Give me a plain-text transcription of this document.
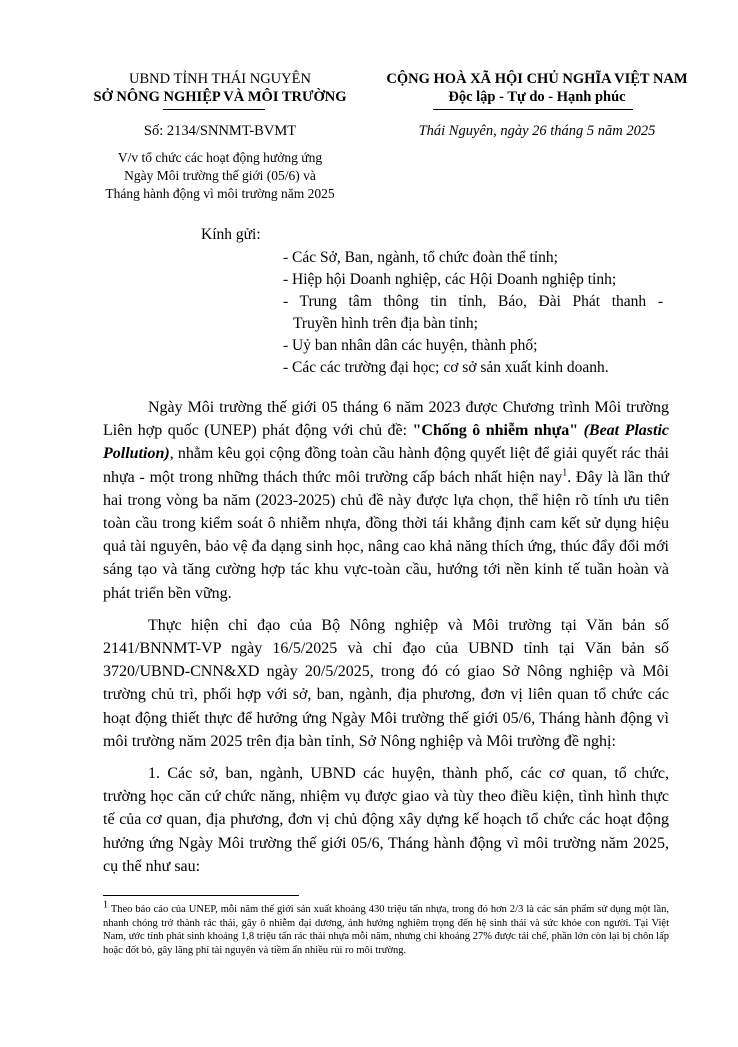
UBND TỈNH THÁI NGUYÊN
SỞ NÔNG NGHIỆP VÀ MÔI TRƯỜNG
CỘNG HOÀ XÃ HỘI CHỦ NGHĨA VIỆT NAM
Độc lập - Tự do - Hạnh phúc
Số: 2134/SNNMT-BVMT	Thái Nguyên, ngày 26 tháng 5 năm 2025
V/v tổ chức các hoạt động hưởng ứng
Ngày Môi trường thế giới (05/6) và
Tháng hành động vì môi trường năm 2025
Kính gửi:
- Các Sở, Ban, ngành, tổ chức đoàn thể tỉnh;
- Hiệp hội Doanh nghiệp, các Hội Doanh nghiệp tỉnh;
- Trung tâm thông tin tỉnh, Báo, Đài Phát thanh -
Truyền hình trên địa bàn tỉnh;
- Uỷ ban nhân dân các huyện, thành phố;
- Các các trường đại học; cơ sở sản xuất kinh doanh.

Ngày Môi trường thế giới 05 tháng 6 năm 2023 được Chương trình Môi trường Liên hợp quốc (UNEP) phát động với chủ đề: "Chống ô nhiễm nhựa" (Beat Plastic Pollution), nhằm kêu gọi cộng đồng toàn cầu hành động quyết liệt để giải quyết rác thải nhựa - một trong những thách thức môi trường cấp bách nhất hiện nay$^1$. Đây là lần thứ hai trong vòng ba năm (2023-2025) chủ đề này được lựa chọn, thể hiện rõ tính ưu tiên toàn cầu trong kiểm soát ô nhiễm nhựa, đồng thời tái khẳng định cam kết sử dụng hiệu quả tài nguyên, bảo vệ đa dạng sinh học, nâng cao khả năng thích ứng, thúc đẩy đổi mới sáng tạo và tăng cường hợp tác khu vực-toàn cầu, hướng tới nền kinh tế tuần hoàn và phát triển bền vững.

Thực hiện chỉ đạo của Bộ Nông nghiệp và Môi trường tại Văn bản số 2141/BNNMT-VP ngày 16/5/2025 và chỉ đạo của UBND tỉnh tại Văn bản số 3720/UBND-CNN&XD ngày 20/5/2025, trong đó có giao Sở Nông nghiệp và Môi trường chủ trì, phối hợp với sở, ban, ngành, địa phương, đơn vị liên quan tổ chức các hoạt động thiết thực để hưởng ứng Ngày Môi trường thế giới 05/6, Tháng hành động vì môi trường năm 2025 trên địa bàn tỉnh, Sở Nông nghiệp và Môi trường đề nghị:

1. Các sở, ban, ngành, UBND các huyện, thành phố, các cơ quan, tổ chức, trường học căn cứ chức năng, nhiệm vụ được giao và tùy theo điều kiện, tình hình thực tế của cơ quan, địa phương, đơn vị chủ động xây dựng kế hoạch tổ chức các hoạt động hưởng ứng Ngày Môi trường thế giới 05/6, Tháng hành động vì môi trường năm 2025, cụ thể như sau:

$^1$ Theo báo cáo của UNEP, mỗi năm thế giới sản xuất khoảng 430 triệu tấn nhựa, trong đó hơn 2/3 là các sản phẩm sử dụng một lần, nhanh chóng trở thành rác thải, gây ô nhiễm đại dương, ảnh hưởng nghiêm trọng đến hệ sinh thái và sức khỏe con người. Tại Việt Nam, ước tính phát sinh khoảng 1,8 triệu tấn rác thải nhựa mỗi năm, nhưng chỉ khoảng 27% được tái chế, phần lớn còn lại bị chôn lấp hoặc đốt bỏ, gây lãng phí tài nguyên và tiềm ẩn nhiều rủi ro môi trường.
